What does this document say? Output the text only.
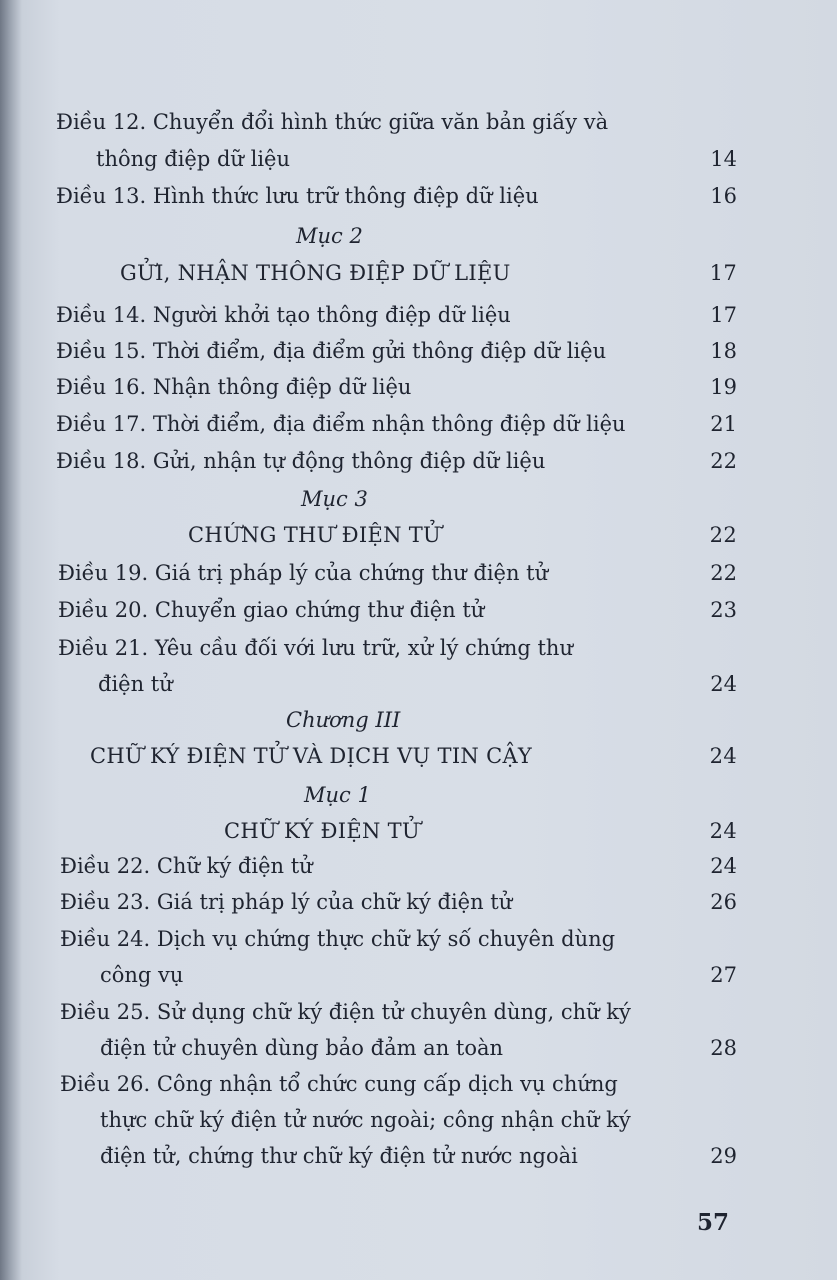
Điều 12. Chuyển đổi hình thức giữa văn bản giấy và
thông điệp dữ liệu	14
Điều 13. Hình thức lưu trữ thông điệp dữ liệu	16
Mục 2
GỬI, NHẬN THÔNG ĐIỆP DỮ LIỆU	17
Điều 14. Người khởi tạo thông điệp dữ liệu	17
Điều 15. Thời điểm, địa điểm gửi thông điệp dữ liệu	18
Điều 16. Nhận thông điệp dữ liệu	19
Điều 17. Thời điểm, địa điểm nhận thông điệp dữ liệu	21
Điều 18. Gửi, nhận tự động thông điệp dữ liệu	22
Mục 3
CHỨNG THƯ ĐIỆN TỬ	22
Điều 19. Giá trị pháp lý của chứng thư điện tử	22
Điều 20. Chuyển giao chứng thư điện tử	23
Điều 21. Yêu cầu đối với lưu trữ, xử lý chứng thư
điện tử	24
Chương III
CHỮ KÝ ĐIỆN TỬ VÀ DỊCH VỤ TIN CẬY	24
Mục 1
CHỮ KÝ ĐIỆN TỬ	24
Điều 22. Chữ ký điện tử	24
Điều 23. Giá trị pháp lý của chữ ký điện tử	26
Điều 24. Dịch vụ chứng thực chữ ký số chuyên dùng
công vụ	27
Điều 25. Sử dụng chữ ký điện tử chuyên dùng, chữ ký
điện tử chuyên dùng bảo đảm an toàn	28
Điều 26. Công nhận tổ chức cung cấp dịch vụ chứng
thực chữ ký điện tử nước ngoài; công nhận chữ ký
điện tử, chứng thư chữ ký điện tử nước ngoài	29
57
